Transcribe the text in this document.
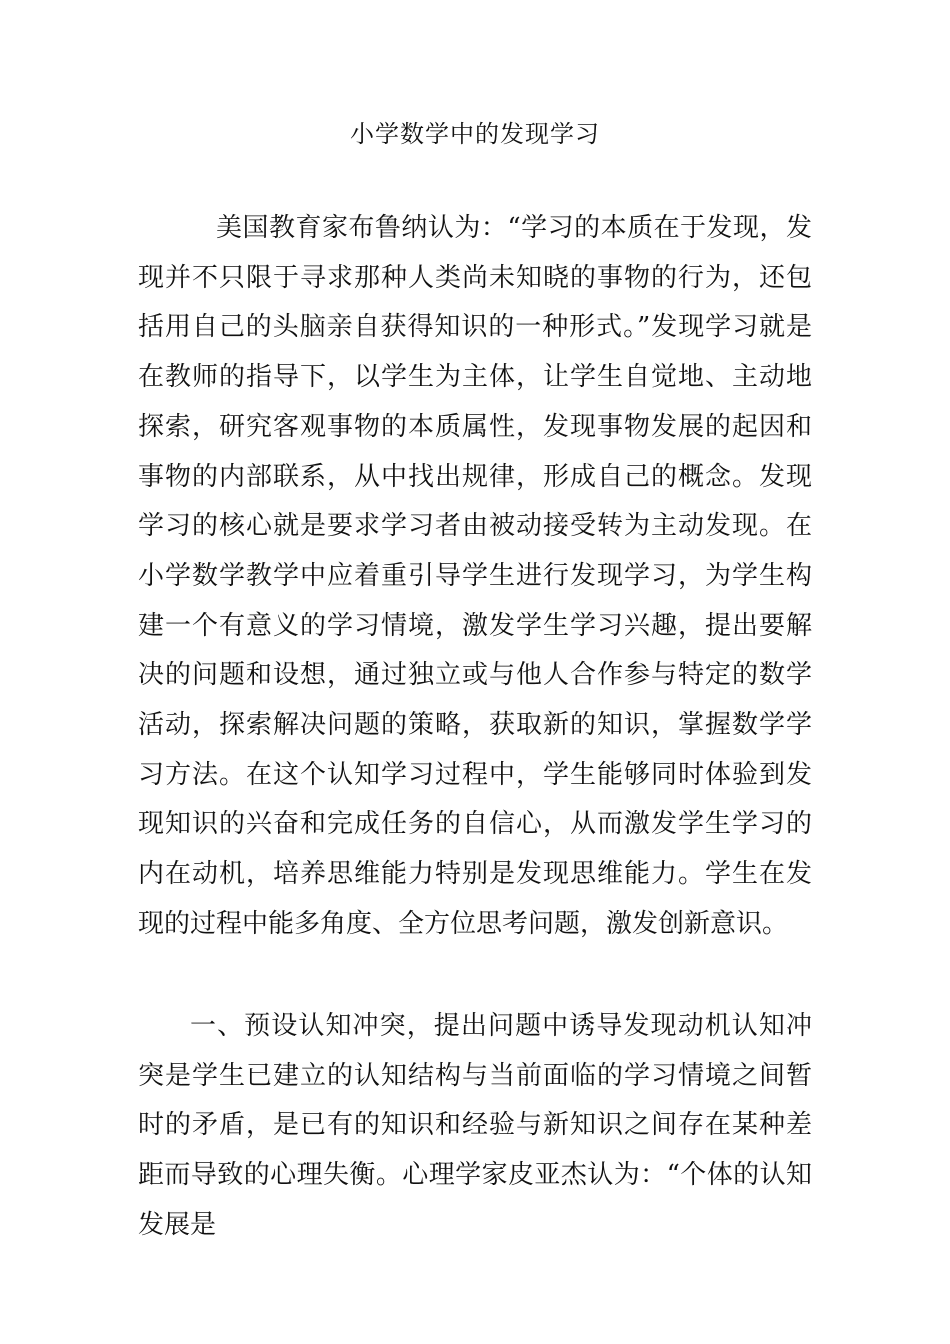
小学数学中的发现学习

美国教育家布鲁纳认为：“学习的本质在于发现，发现并不只限于寻求那种人类尚未知晓的事物的行为，还包括用自己的头脑亲自获得知识的一种形式。”发现学习就是在教师的指导下，以学生为主体，让学生自觉地、主动地探索，研究客观事物的本质属性，发现事物发展的起因和事物的内部联系，从中找出规律，形成自己的概念。发现学习的核心就是要求学习者由被动接受转为主动发现。在小学数学教学中应着重引导学生进行发现学习，为学生构建一个有意义的学习情境，激发学生学习兴趣，提出要解决的问题和设想，通过独立或与他人合作参与特定的数学活动，探索解决问题的策略，获取新的知识，掌握数学学习方法。在这个认知学习过程中，学生能够同时体验到发现知识的兴奋和完成任务的自信心，从而激发学生学习的内在动机，培养思维能力特别是发现思维能力。学生在发现的过程中能多角度、全方位思考问题，激发创新意识。

一、预设认知冲突，提出问题中诱导发现动机认知冲突是学生已建立的认知结构与当前面临的学习情境之间暂时的矛盾，是已有的知识和经验与新知识之间存在某种差距而导致的心理失衡。心理学家皮亚杰认为：“个体的认知发展是
